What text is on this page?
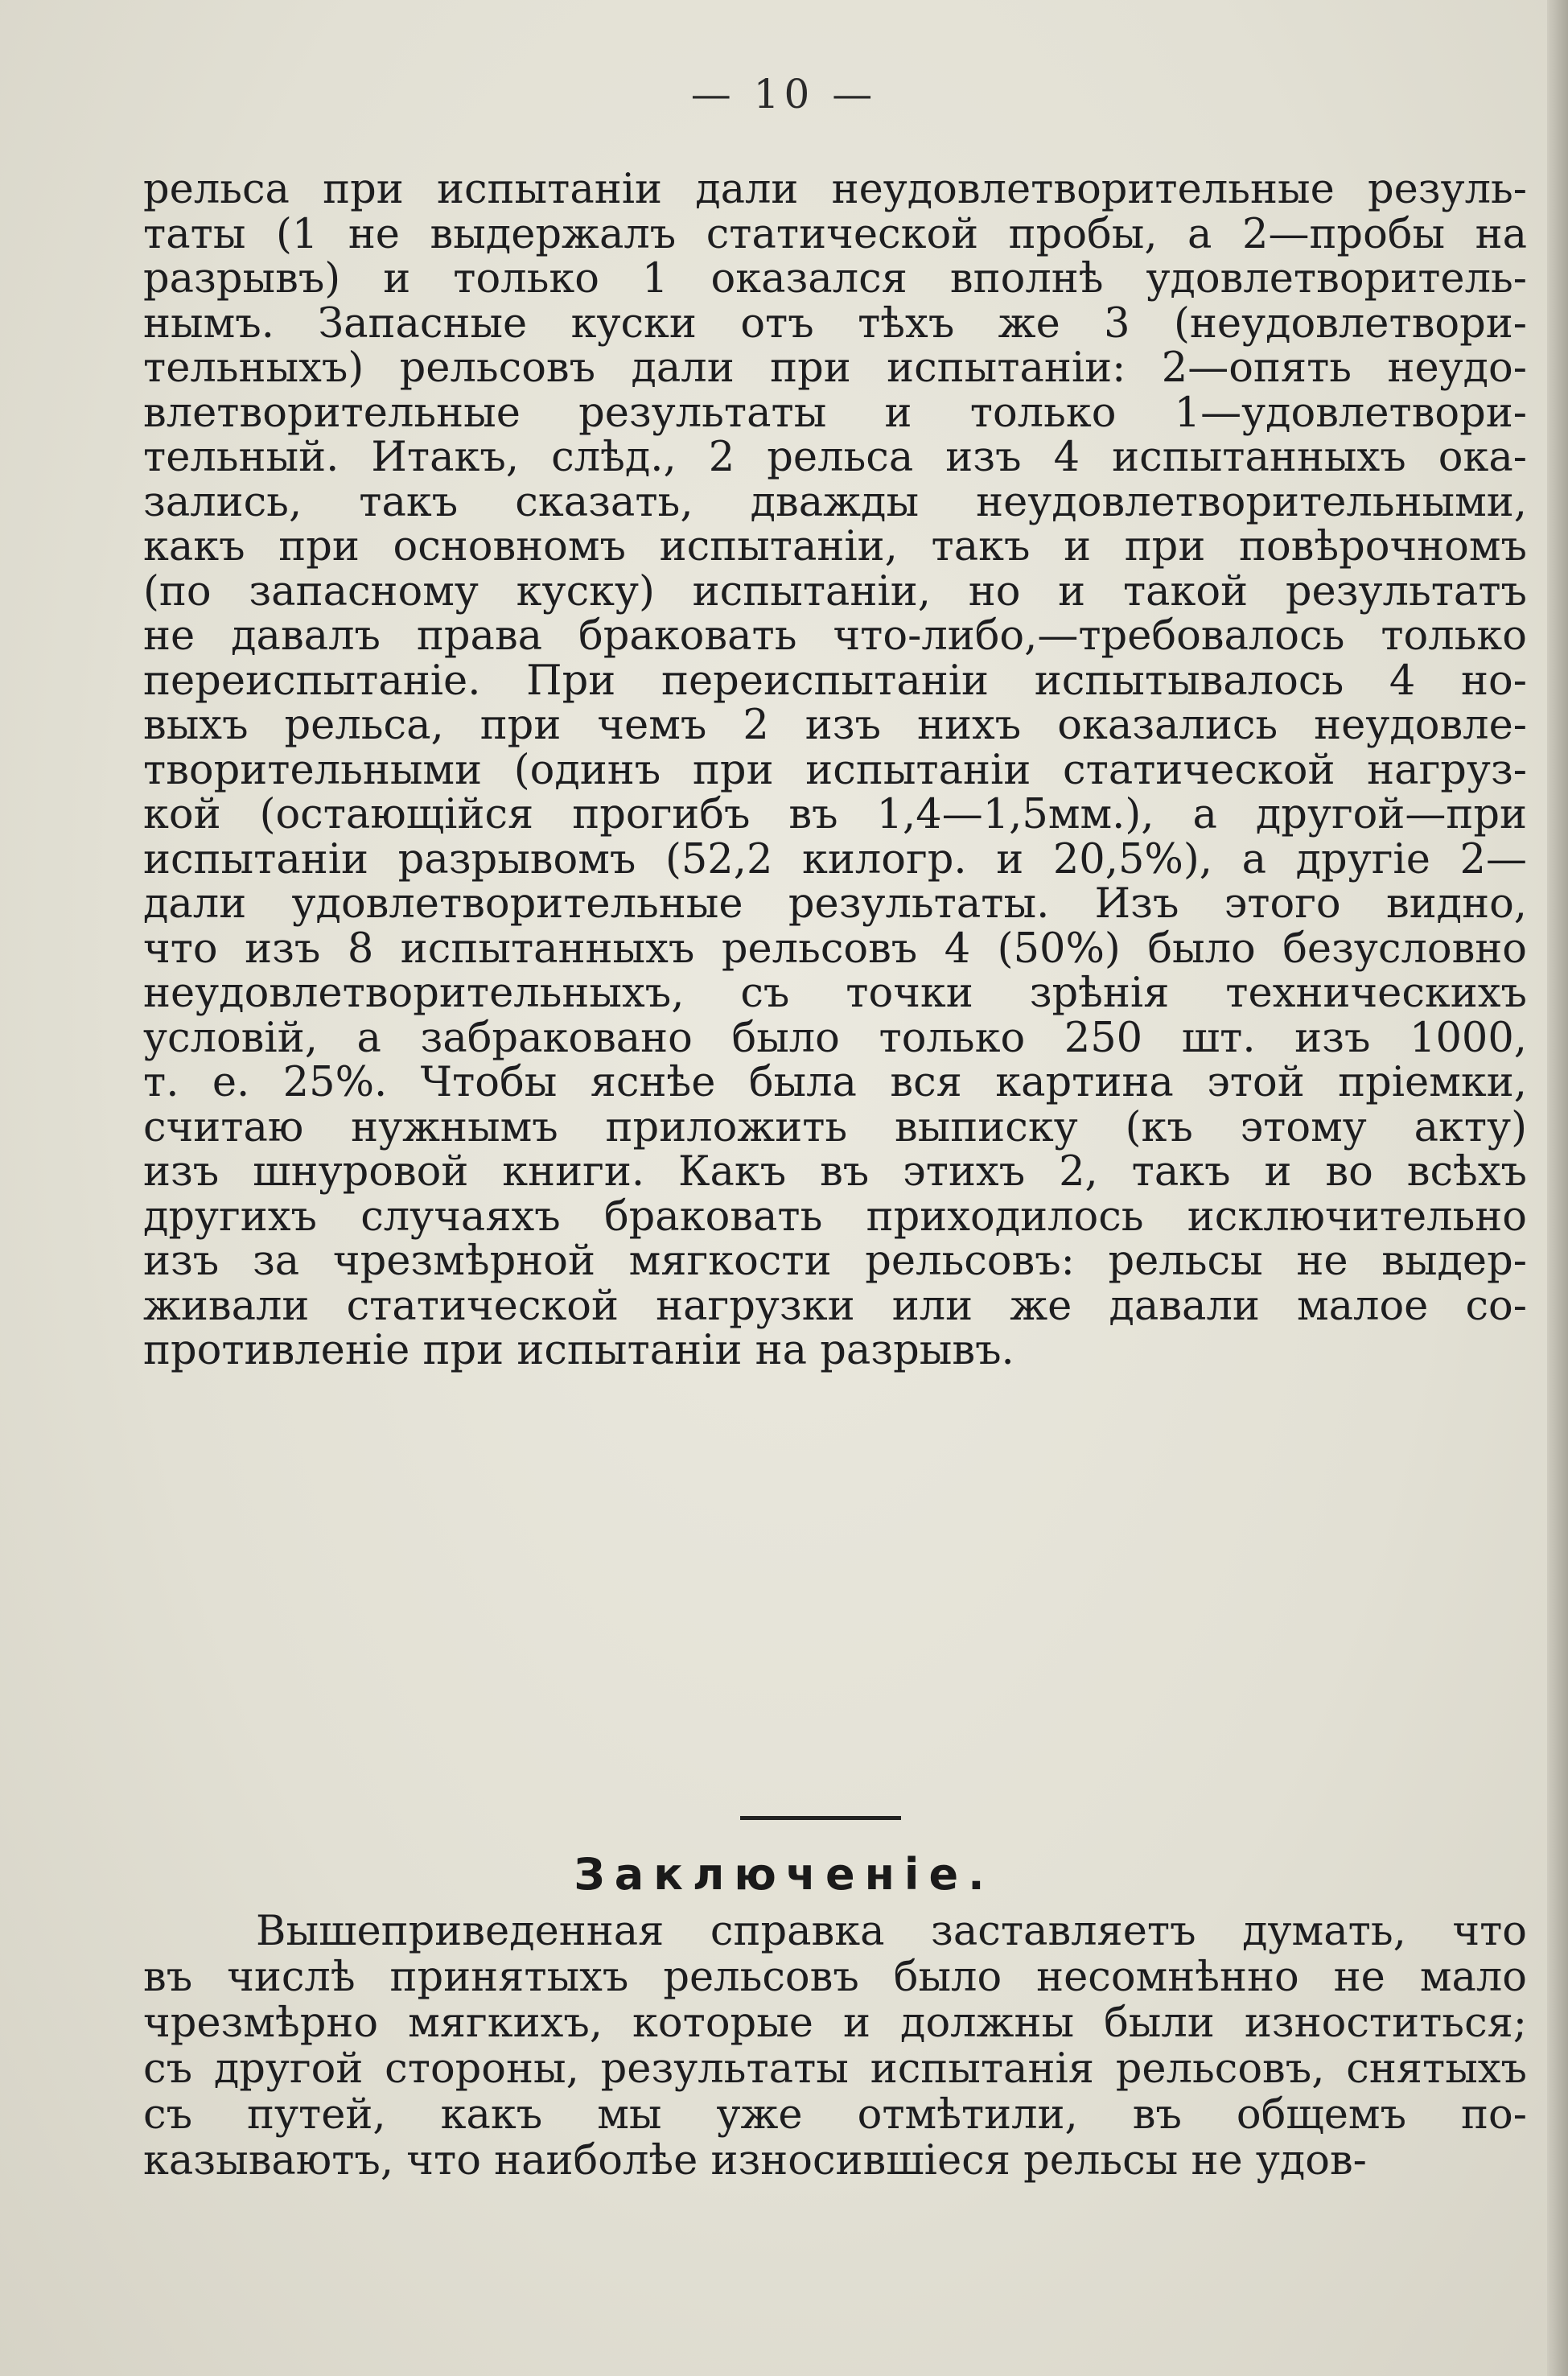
— 10 —
рельса при испытанiи дали неудовлетворительные резуль-
таты (1 не выдержалъ статической пробы, а 2—пробы на
разрывъ) и только 1 оказался вполнѣ удовлетворитель-
нымъ. Запасные куски отъ тѣхъ же 3 (неудовлетвори-
тельныхъ) рельсовъ дали при испытанiи: 2—опять неудо-
влетворительные результаты и только 1—удовлетвори-
тельный. Итакъ, слѣд., 2 рельса изъ 4 испытанныхъ ока-
зались, такъ сказать, дважды неудовлетворительными,
какъ при основномъ испытанiи, такъ и при повѣрочномъ
(по запасному куску) испытанiи, но и такой результатъ
не давалъ права браковать что-либо,—требовалось только
переиспытанiе. При переиспытанiи испытывалось 4 но-
выхъ рельса, при чемъ 2 изъ нихъ оказались неудовле-
творительными (одинъ при испытанiи статической нагруз-
кой (остающiйся прогибъ въ 1,4—1,5мм.), а другой—при
испытанiи разрывомъ (52,2 килогр. и 20,5%), а другiе 2—
дали удовлетворительные результаты. Изъ этого видно,
что изъ 8 испытанныхъ рельсовъ 4 (50%) было безусловно
неудовлетворительныхъ, съ точки зрѣнiя техническихъ
условiй, а забраковано было только 250 шт. изъ 1000,
т. е. 25%. Чтобы яснѣе была вся картина этой прiемки,
считаю нужнымъ приложить выписку (къ этому акту)
изъ шнуровой книги. Какъ въ этихъ 2, такъ и во всѣхъ
другихъ случаяхъ браковать приходилось исключительно
изъ за чрезмѣрной мягкости рельсовъ: рельсы не выдер-
живали статической нагрузки или же давали малое со-
противленiе при испытанiи на разрывъ.
Заключенiе.
Вышеприведенная справка заставляетъ думать, что
въ числѣ принятыхъ рельсовъ было несомнѣнно не мало
чрезмѣрно мягкихъ, которые и должны были изноститься;
съ другой стороны, результаты испытанiя рельсовъ, снятыхъ
съ путей, какъ мы уже отмѣтили, въ общемъ по-
казываютъ, что наиболѣе износившiеся рельсы не удов-
